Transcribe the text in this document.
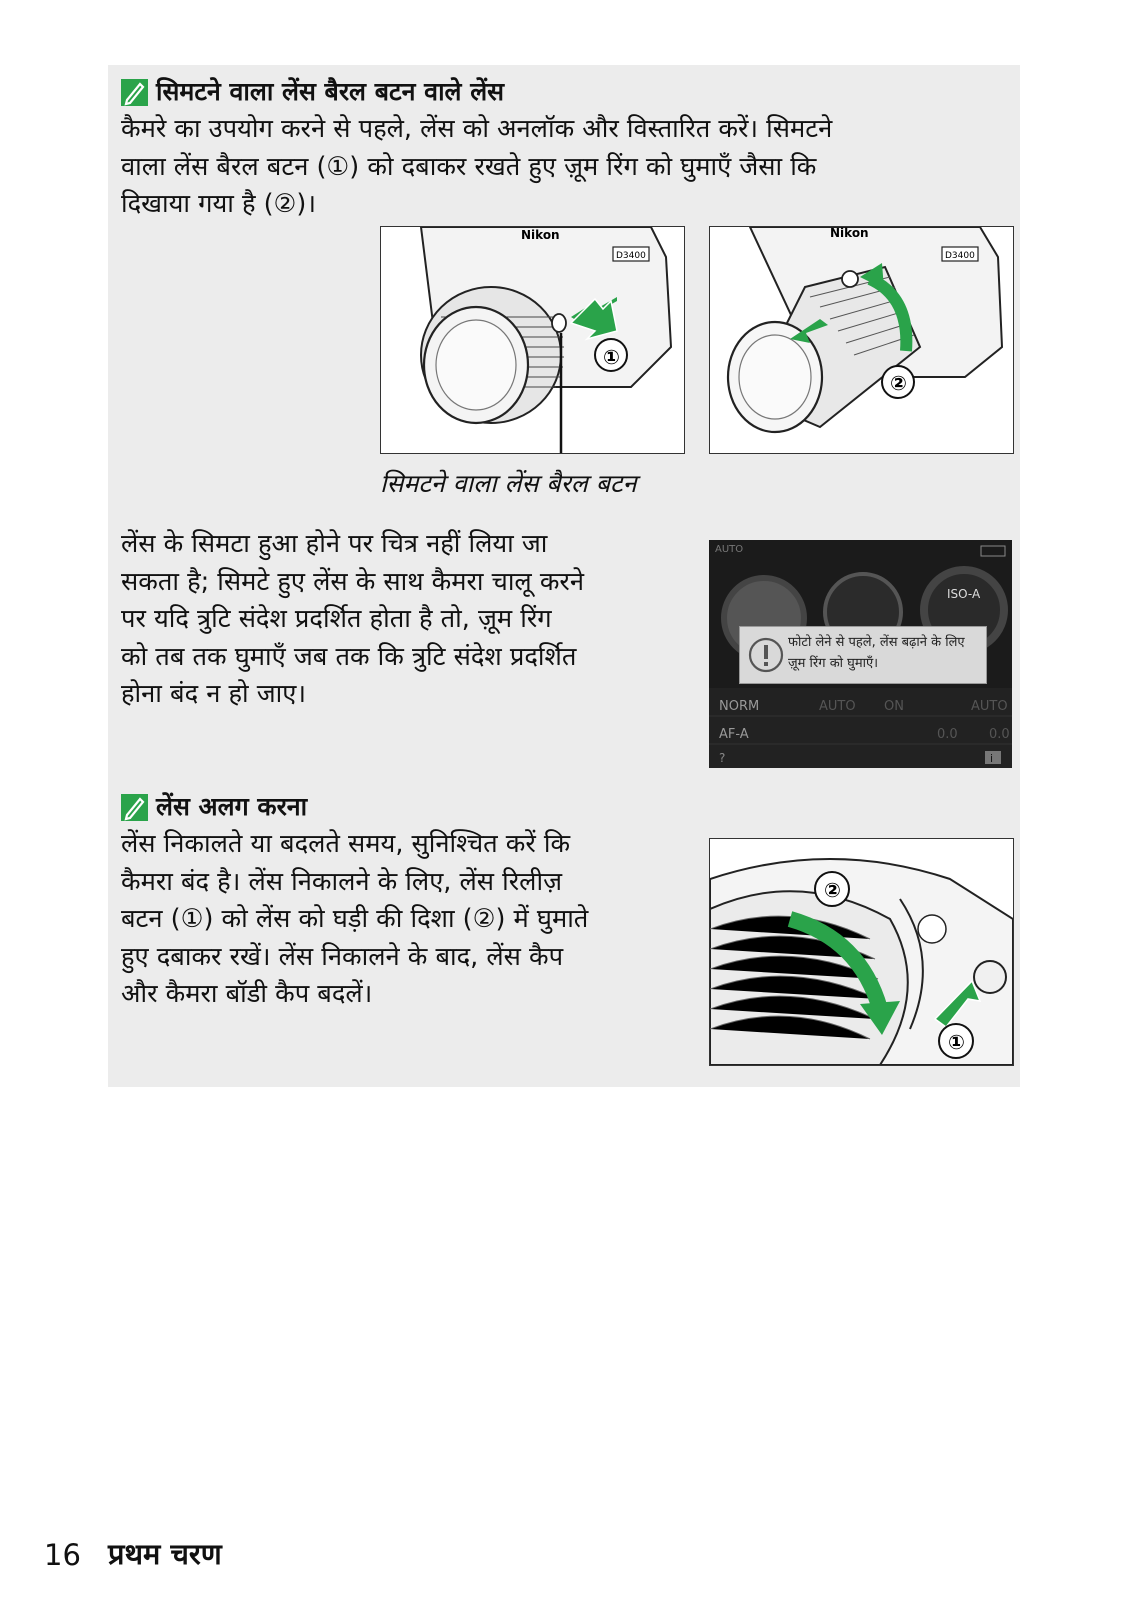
सिमटने वाला लेंस बैरल बटन वाले लेंस
कैमरे का उपयोग करने से पहले, लेंस को अनलॉक और विस्तारित करें। सिमटने
वाला लेंस बैरल बटन (①) को दबाकर रखते हुए ज़ूम रिंग को घुमाएँ जैसा कि
दिखाया गया है (②)।
Nikon
D3400
①
Nikon
D3400
②
सिमटने वाला लेंस बैरल बटन
लेंस के सिमटा हुआ होने पर चित्र नहीं लिया जा
सकता है; सिमटे हुए लेंस के साथ कैमरा चालू करने
पर यदि त्रुटि संदेश प्रदर्शित होता है तो, ज़ूम रिंग
को तब तक घुमाएँ जब तक कि त्रुटि संदेश प्रदर्शित
होना बंद न हो जाए।
AUTO
ISO-A
NORM
AF-A
AUTO ON	AUTO
0.0 0.0
?	i
फोटो लेने से पहले, लेंस बढ़ाने के लिए
ज़ूम रिंग को घुमाएँ।
लेंस अलग करना
लेंस निकालते या बदलते समय, सुनिश्चित करें कि
कैमरा बंद है। लेंस निकालने के लिए, लेंस रिलीज़
बटन (①) को लेंस को घड़ी की दिशा (②) में घुमाते
हुए दबाकर रखें। लेंस निकालने के बाद, लेंस कैप
और कैमरा बॉडी कैप बदलें।
②
①
16 प्रथम चरण
